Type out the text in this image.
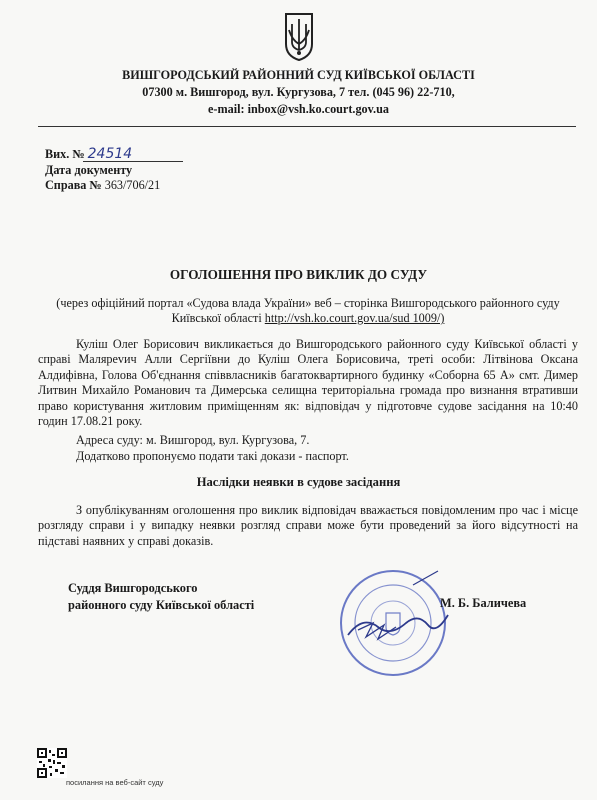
ВИШГОРОДСЬКИЙ РАЙОННИЙ СУД КИЇВСЬКОЇ ОБЛАСТІ
07300 м. Вишгород, вул. Кургузова, 7 тел. (045 96) 22-710,
e-mail: inbox@vsh.ko.court.gov.ua
Вих. № 24514
Дата документу
Справа № 363/706/21
ОГОЛОШЕННЯ ПРО ВИКЛИК ДО СУДУ
(через офіційний портал «Судова влада України» веб – сторінка Вишгородського районного суду Київської області http://vsh.ko.court.gov.ua/sud 1009/)
Куліш Олег Борисович викликається до Вишгородського районного суду Київської області у справі Малярevич Алли Сергіївни до Куліш Олега Борисовича, треті особи: Літвінова Оксана Алдифівна, Голова Об'єднання співвласників багатоквартирного будинку «Соборна 65 А» смт. Димер Литвин Михайло Романович та Димерська селищна територіальна громада про визнання втративши право користування житловим приміщенням як: відповідач у підготовче судове засідання на 10:40 годин 17.08.21 року.
Адреса суду: м. Вишгород, вул. Кургузова, 7.
Додатково пропонуємо подати такі докази - паспорт.
Наслідки неявки в судове засідання
З опублікуванням оголошення про виклик відповідач вважається повідомленим про час і місце розгляду справи і у випадку неявки розгляд справи може бути проведений за його відсутності на підставі наявних у справі доказів.
Суддя Вишгородського
районного суду Київської області	М. Б. Баличева
посилання на веб-сайт суду
